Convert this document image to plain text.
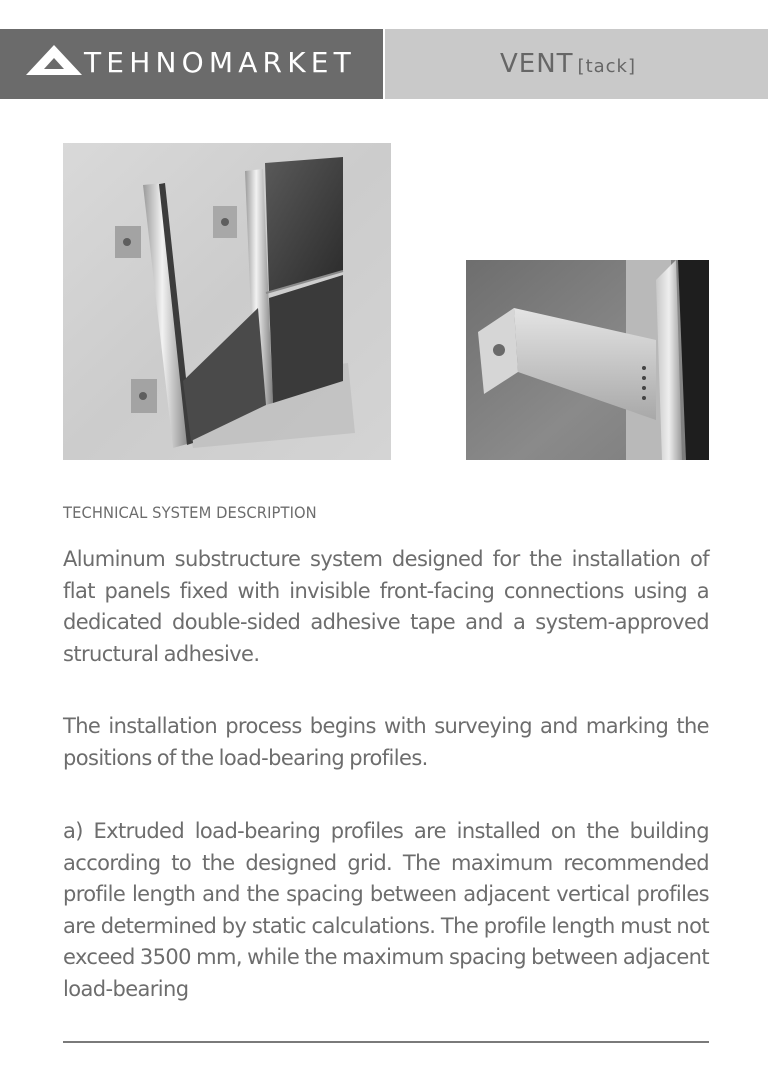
TEHNOMARKET	VENT [tack]
TECHNICAL SYSTEM DESCRIPTION

Aluminum substructure system designed for the installation of flat panels fixed with invisible front-facing connections using a dedicated double-sided adhesive tape and a system-approved structural adhesive.

The installation process begins with surveying and marking the positions of the load-bearing profiles.

a) Extruded load-bearing profiles are installed on the building according to the designed grid. The maximum recommended profile length and the spacing between adjacent vertical profiles are determined by static calculations. The profile length must not exceed 3500 mm, while the maximum spacing between adjacent load-bearing
